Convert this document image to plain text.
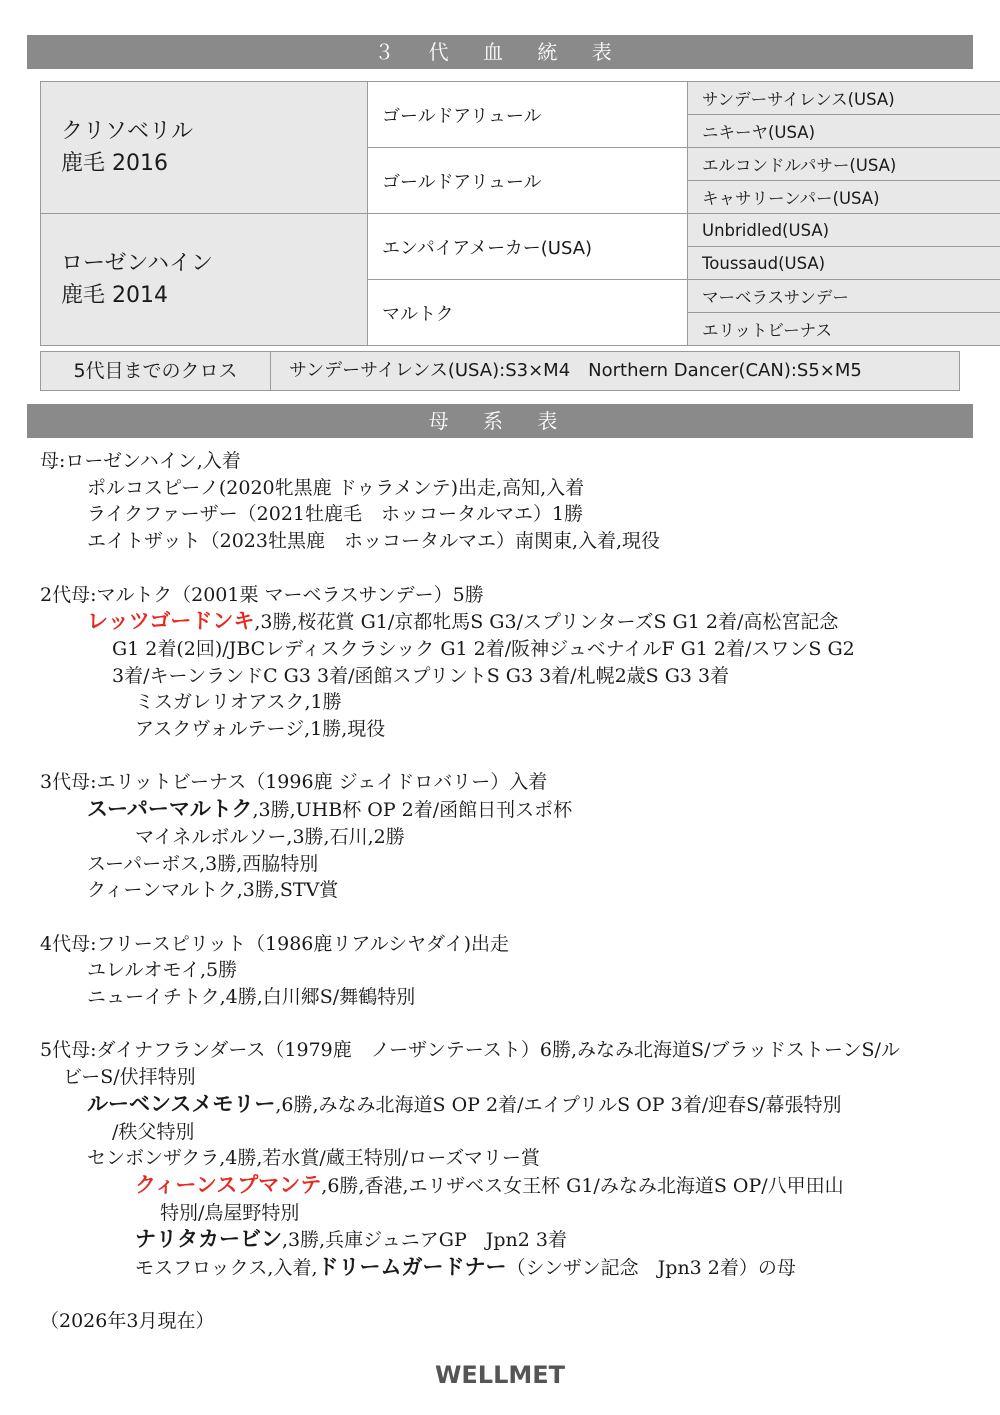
３ 代 血 統 表
クリソベリル
鹿毛 2016	ゴールドアリュール	サンデーサイレンス(USA)
		ニキーヤ(USA)
	ゴールドアリュール	エルコンドルパサー(USA)
		キャサリーンパー(USA)

ローゼンハイン
鹿毛 2014	エンパイアメーカー(USA)	Unbridled(USA)
		Toussaud(USA)
	マルトク	マーベラスサンデー
		エリットビーナス
5代目までのクロス	サンデーサイレンス(USA):S3×M4　Northern Dancer(CAN):S5×M5
母 系 表
母:ローゼンハイン,入着
ポルコスピーノ(2020牝黒鹿 ドゥラメンテ)出走,高知,入着
ライクファーザー（2021牡鹿毛　ホッコータルマエ）1勝
エイトザット（2023牡黒鹿　ホッコータルマエ）南関東,入着,現役
2代母:マルトク（2001栗 マーベラスサンデー）5勝
レッツゴードンキ,3勝,桜花賞 G1/京都牝馬S G3/スプリンターズS G1 2着/高松宮記念
G1 2着(2回)/JBCレディスクラシック G1 2着/阪神ジュベナイルF G1 2着/スワンS G2
3着/キーンランドC G3 3着/函館スプリントS G3 3着/札幌2歳S G3 3着
ミスガレリオアスク,1勝
アスクヴォルテージ,1勝,現役
3代母:エリットビーナス（1996鹿 ジェイドロバリー）入着
スーパーマルトク,3勝,UHB杯 OP 2着/函館日刊スポ杯
マイネルボルソー,3勝,石川,2勝
スーパーボス,3勝,西脇特別
クィーンマルトク,3勝,STV賞
4代母:フリースピリット（1986鹿リアルシヤダイ)出走
ユレルオモイ,5勝
ニューイチトク,4勝,白川郷S/舞鶴特別
5代母:ダイナフランダース（1979鹿　ノーザンテースト）6勝,みなみ北海道S/ブラッドストーンS/ル
ビーS/伏拝特別
ルーベンスメモリー,6勝,みなみ北海道S OP 2着/エイプリルS OP 3着/迎春S/幕張特別
/秩父特別
センボンザクラ,4勝,若水賞/蔵王特別/ローズマリー賞
クィーンスプマンテ,6勝,香港,エリザベス女王杯 G1/みなみ北海道S OP/八甲田山
特別/鳥屋野特別
ナリタカービン,3勝,兵庫ジュニアGP　Jpn2 3着
モスフロックス,入着,ドリームガードナー（シンザン記念　Jpn3 2着）の母
（2026年3月現在）
WELLMET
